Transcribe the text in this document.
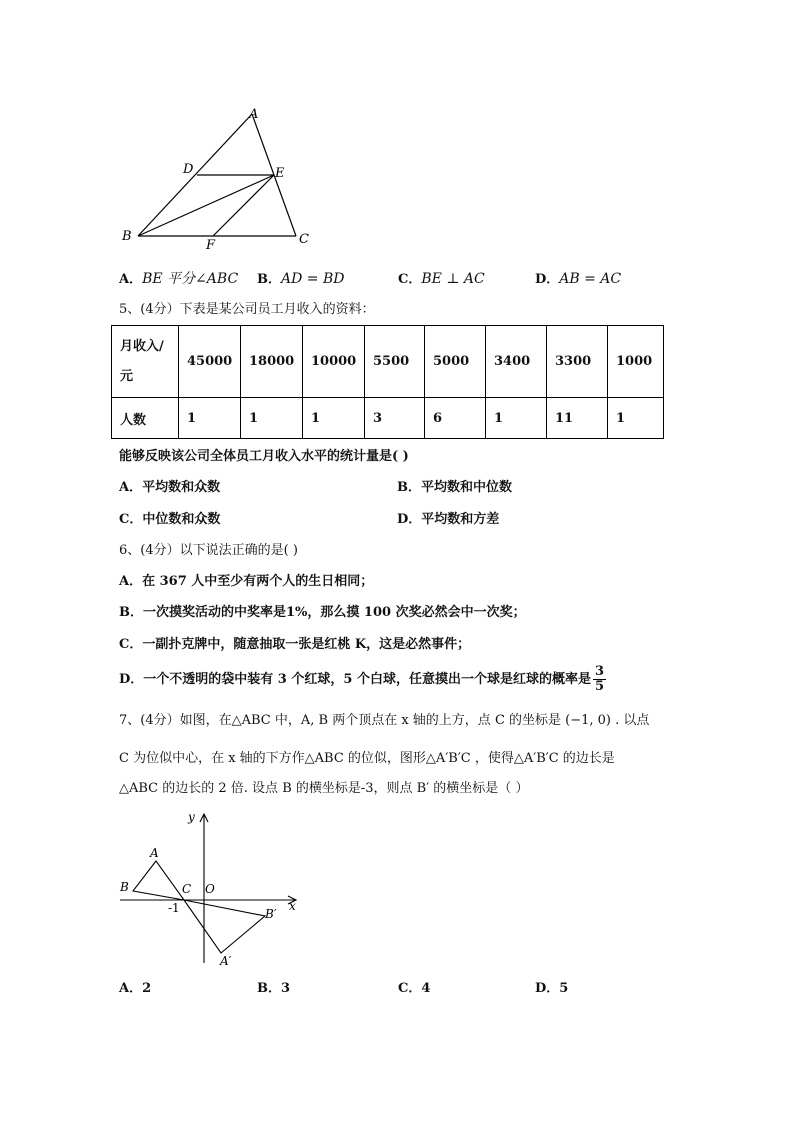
A
D	E
B
F	C
A．BE 平分∠ABC B．AD = BD	C．BE ⊥ AC	D．AB = AC
5、(4分）下表是某公司员工月收入的资料：
月收入/
元	45000	18000	10000	5500	5000	3400	3300	1000
人数	1	1	1	3	6	1	11	1
能够反映该公司全体员工月收入水平的统计量是( )
A．平均数和众数	B．平均数和中位数
C．中位数和众数	D．平均数和方差
6、(4分）以下说法正确的是( )
A．在 367 人中至少有两个人的生日相同；
B．一次摸奖活动的中奖率是1%，那么摸 100 次奖必然会中一次奖；
C．一副扑克牌中，随意抽取一张是红桃 K，这是必然事件；
D．一个不透明的袋中装有 3 个红球，5 个白球，任意摸出一个球是红球的概率是 $\frac{3}{5}$
7、(4分）如图，在△ABC 中，A, B 两个顶点在 x 轴的上方，点 C 的坐标是 (−1, 0) . 以点
C 为位似中心，在 x 轴的下方作△ABC 的位似，图形△A′B′C ，使得△A′B′C 的边长是
△ABC 的边长的 2 倍. 设点 B 的横坐标是-3，则点 B′ 的横坐标是（ ）
y
x
A
B	C O
B′
A′
-1
A．2	B．3	C．4	D．5
